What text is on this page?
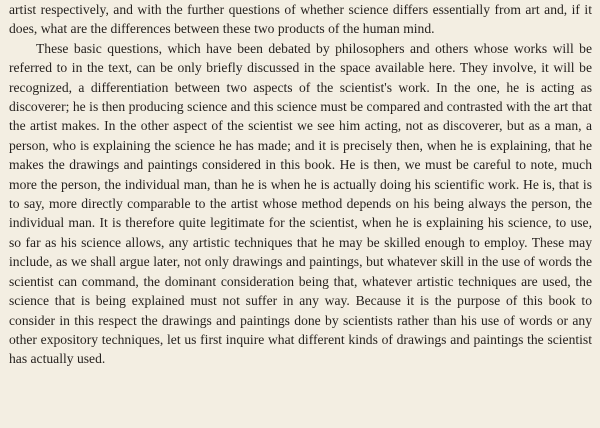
artist respectively, and with the further questions of whether science differs essentially from art and, if it does, what are the differences between these two products of the human mind.

These basic questions, which have been debated by philosophers and others whose works will be referred to in the text, can be only briefly discussed in the space available here. They involve, it will be recognized, a differentiation between two aspects of the scientist's work. In the one, he is acting as discoverer; he is then producing science and this science must be compared and contrasted with the art that the artist makes. In the other aspect of the scientist we see him acting, not as discoverer, but as a man, a person, who is explaining the science he has made; and it is precisely then, when he is explaining, that he makes the drawings and paintings considered in this book. He is then, we must be careful to note, much more the person, the individual man, than he is when he is actually doing his scientific work. He is, that is to say, more directly comparable to the artist whose method depends on his being always the person, the individual man. It is therefore quite legitimate for the scientist, when he is explaining his science, to use, so far as his science allows, any artistic techniques that he may be skilled enough to employ. These may include, as we shall argue later, not only drawings and paintings, but whatever skill in the use of words the scientist can command, the dominant consideration being that, whatever artistic techniques are used, the science that is being explained must not suffer in any way. Because it is the purpose of this book to consider in this respect the drawings and paintings done by scientists rather than his use of words or any other expository techniques, let us first inquire what different kinds of drawings and paintings the scientist has actually used.
